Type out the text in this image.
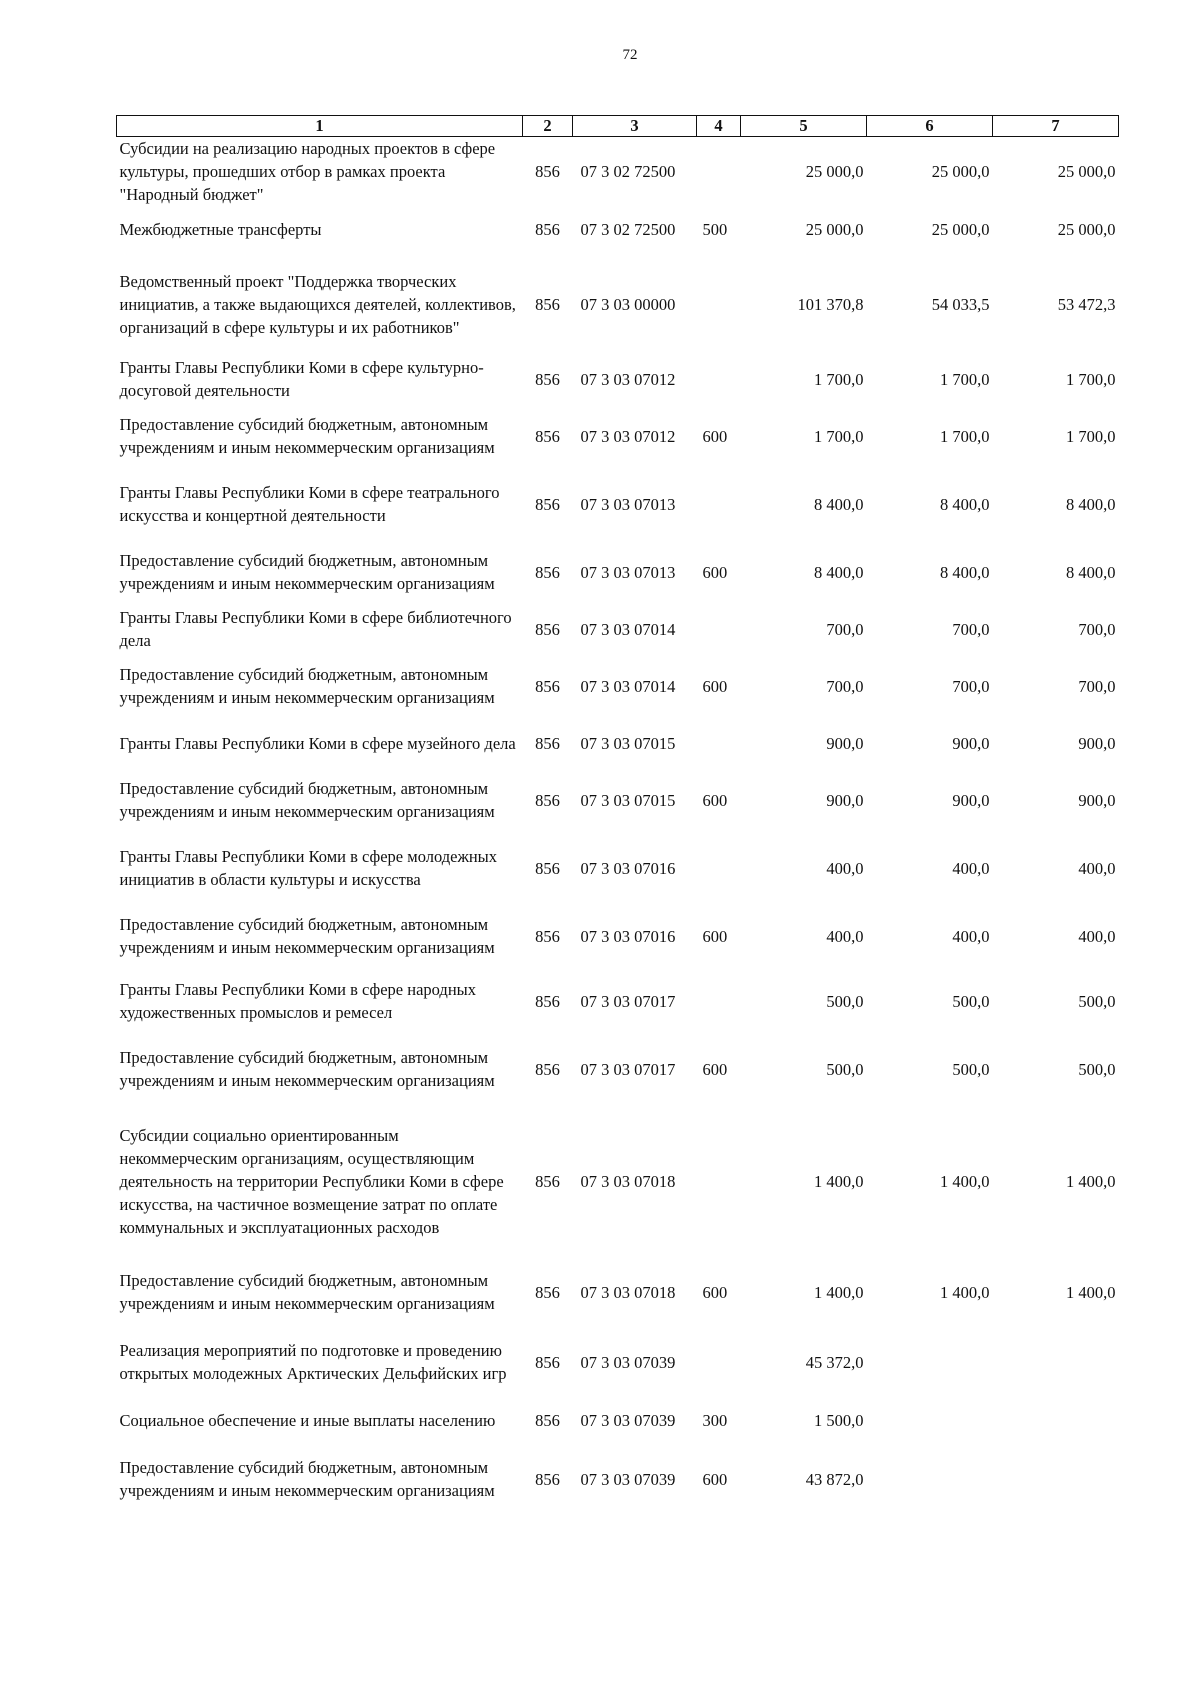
72
1	2	3	4	5	6	7
Субсидии на реализацию народных проектов в сфере культуры, прошедших отбор в рамках проекта "Народный бюджет"	856	07 3 02 72500		25 000,0	25 000,0	25 000,0
Межбюджетные трансферты	856	07 3 02 72500	500	25 000,0	25 000,0	25 000,0
Ведомственный проект "Поддержка творческих инициатив, а также выдающихся деятелей, коллективов, организаций в сфере культуры и их работников"	856	07 3 03 00000		101 370,8	54 033,5	53 472,3
Гранты Главы Республики Коми в сфере культурно-досуговой деятельности	856	07 3 03 07012		1 700,0	1 700,0	1 700,0
Предоставление субсидий бюджетным, автономным учреждениям и иным некоммерческим организациям	856	07 3 03 07012	600	1 700,0	1 700,0	1 700,0
Гранты Главы Республики Коми в сфере театрального искусства и концертной деятельности	856	07 3 03 07013		8 400,0	8 400,0	8 400,0
Предоставление субсидий бюджетным, автономным учреждениям и иным некоммерческим организациям	856	07 3 03 07013	600	8 400,0	8 400,0	8 400,0
Гранты Главы Республики Коми в сфере библиотечного дела	856	07 3 03 07014		700,0	700,0	700,0
Предоставление субсидий бюджетным, автономным учреждениям и иным некоммерческим организациям	856	07 3 03 07014	600	700,0	700,0	700,0
Гранты Главы Республики Коми в сфере музейного дела	856	07 3 03 07015		900,0	900,0	900,0
Предоставление субсидий бюджетным, автономным учреждениям и иным некоммерческим организациям	856	07 3 03 07015	600	900,0	900,0	900,0
Гранты Главы Республики Коми в сфере молодежных инициатив в области культуры и искусства	856	07 3 03 07016		400,0	400,0	400,0
Предоставление субсидий бюджетным, автономным учреждениям и иным некоммерческим организациям	856	07 3 03 07016	600	400,0	400,0	400,0
Гранты Главы Республики Коми в сфере народных художественных промыслов и ремесел	856	07 3 03 07017		500,0	500,0	500,0
Предоставление субсидий бюджетным, автономным учреждениям и иным некоммерческим организациям	856	07 3 03 07017	600	500,0	500,0	500,0
Субсидии социально ориентированным некоммерческим организациям, осуществляющим деятельность на территории Республики Коми в сфере искусства, на частичное возмещение затрат по оплате коммунальных и эксплуатационных расходов	856	07 3 03 07018		1 400,0	1 400,0	1 400,0
Предоставление субсидий бюджетным, автономным учреждениям и иным некоммерческим организациям	856	07 3 03 07018	600	1 400,0	1 400,0	1 400,0
Реализация мероприятий по подготовке и проведению открытых молодежных Арктических Дельфийских игр	856	07 3 03 07039		45 372,0		
Социальное обеспечение и иные выплаты населению	856	07 3 03 07039	300	1 500,0		
Предоставление субсидий бюджетным, автономным учреждениям и иным некоммерческим организациям	856	07 3 03 07039	600	43 872,0		
